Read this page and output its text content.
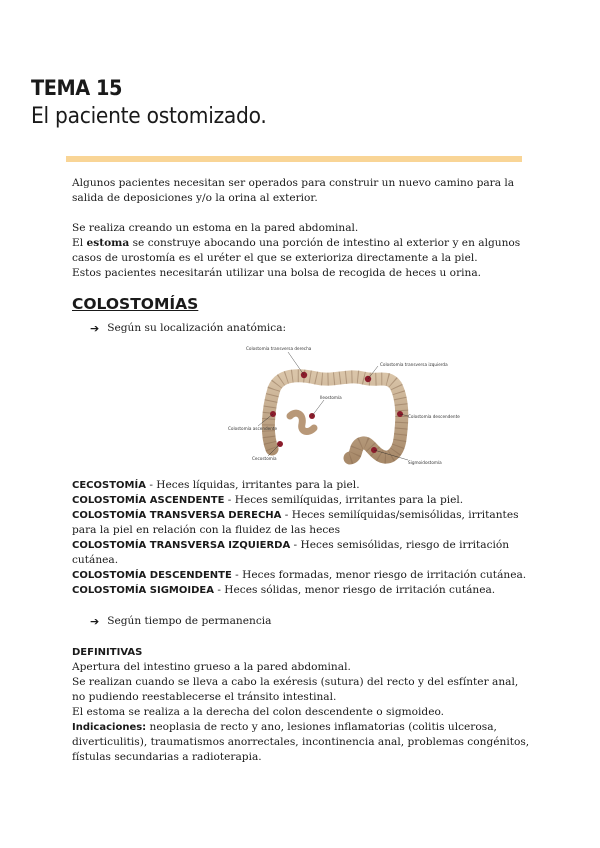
TEMA 15
El paciente ostomizado.

Algunos pacientes necesitan ser operados para construir un nuevo camino para la salida de deposiciones y/o la orina al exterior.

Se realiza creando un estoma en la pared abdominal.

El estoma se construye abocando una porción de intestino al exterior y en algunos casos de urostomía es el uréter el que se exterioriza directamente a la piel.

Estos pacientes necesitarán utilizar una bolsa de recogida de heces u orina.

COLOSTOMÍAS
➔ Según su localización anatómica:
Colostomía transversa derecha
Colostomía transversa izquierda
Ileostomía
Colostomía ascendente
Colostomía descendente
Cecostomía
Sigmoidostomía

CECOSTOMÍA - Heces líquidas, irritantes para la piel.

COLOSTOMÍA ASCENDENTE - Heces semilíquidas, irritantes para la piel.

COLOSTOMÍA TRANSVERSA DERECHA - Heces semilíquidas/semisólidas, irritantes para la piel en relación con la fluidez de las heces

COLOSTOMÍA TRANSVERSA IZQUIERDA - Heces semisólidas, riesgo de irritación cutánea.

COLOSTOMÍA DESCENDENTE - Heces formadas, menor riesgo de irritación cutánea.

COLOSTOMÍA SIGMOIDEA - Heces sólidas, menor riesgo de irritación cutánea.

➔ Según tiempo de permanencia
DEFINITIVAS

Apertura del intestino grueso a la pared abdominal.

Se realizan cuando se lleva a cabo la exéresis (sutura) del recto y del esfínter anal, no pudiendo reestablecerse el tránsito intestinal.

El estoma se realiza a la derecha del colon descendente o sigmoideo.

Indicaciones: neoplasia de recto y ano, lesiones inflamatorias (colitis ulcerosa, diverticulitis), traumatismos anorrectales, incontinencia anal, problemas congénitos, fístulas secundarias a radioterapia.
